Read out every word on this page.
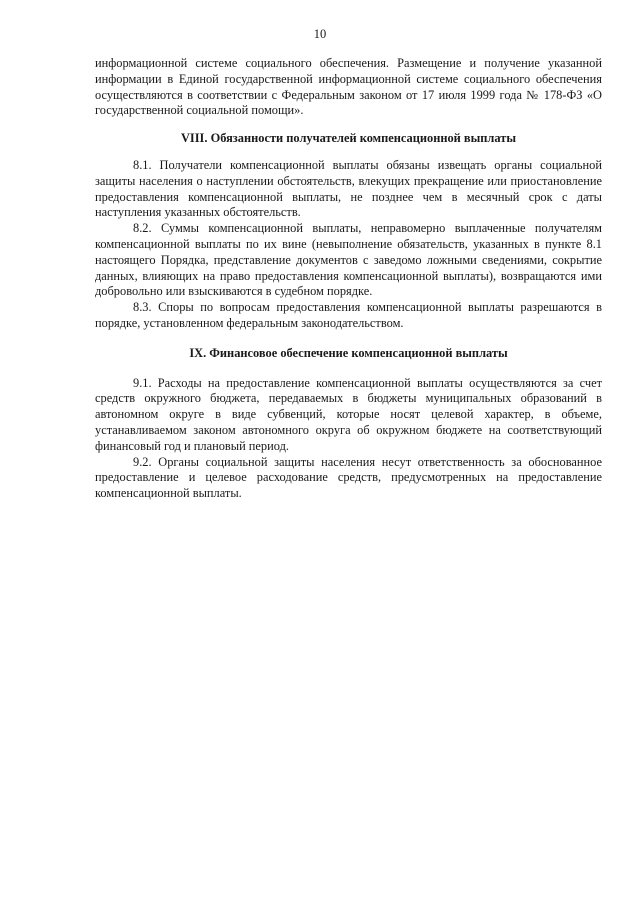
10

информационной системе социального обеспечения. Размещение и получение указанной информации в Единой государственной информационной системе социального обеспечения осуществляются в соответствии с Федеральным законом от 17 июля 1999 года № 178-ФЗ «О государственной социальной помощи».

VIII. Обязанности получателей компенсационной выплаты

8.1. Получатели компенсационной выплаты обязаны извещать органы социальной защиты населения о наступлении обстоятельств, влекущих прекращение или приостановление предоставления компенсационной выплаты, не позднее чем в месячный срок с даты наступления указанных обстоятельств.

8.2. Суммы компенсационной выплаты, неправомерно выплаченные получателям компенсационной выплаты по их вине (невыполнение обязательств, указанных в пункте 8.1 настоящего Порядка, представление документов с заведомо ложными сведениями, сокрытие данных, влияющих на право предоставления компенсационной выплаты), возвращаются ими добровольно или взыскиваются в судебном порядке.

8.3. Споры по вопросам предоставления компенсационной выплаты разрешаются в порядке, установленном федеральным законодательством.

IX. Финансовое обеспечение компенсационной выплаты

9.1. Расходы на предоставление компенсационной выплаты осуществляются за счет средств окружного бюджета, передаваемых в бюджеты муниципальных образований в автономном округе в виде субвенций, которые носят целевой характер, в объеме, устанавливаемом законом автономного округа об окружном бюджете на соответствующий финансовый год и плановый период.

9.2. Органы социальной защиты населения несут ответственность за обоснованное предоставление и целевое расходование средств, предусмотренных на предоставление компенсационной выплаты.
